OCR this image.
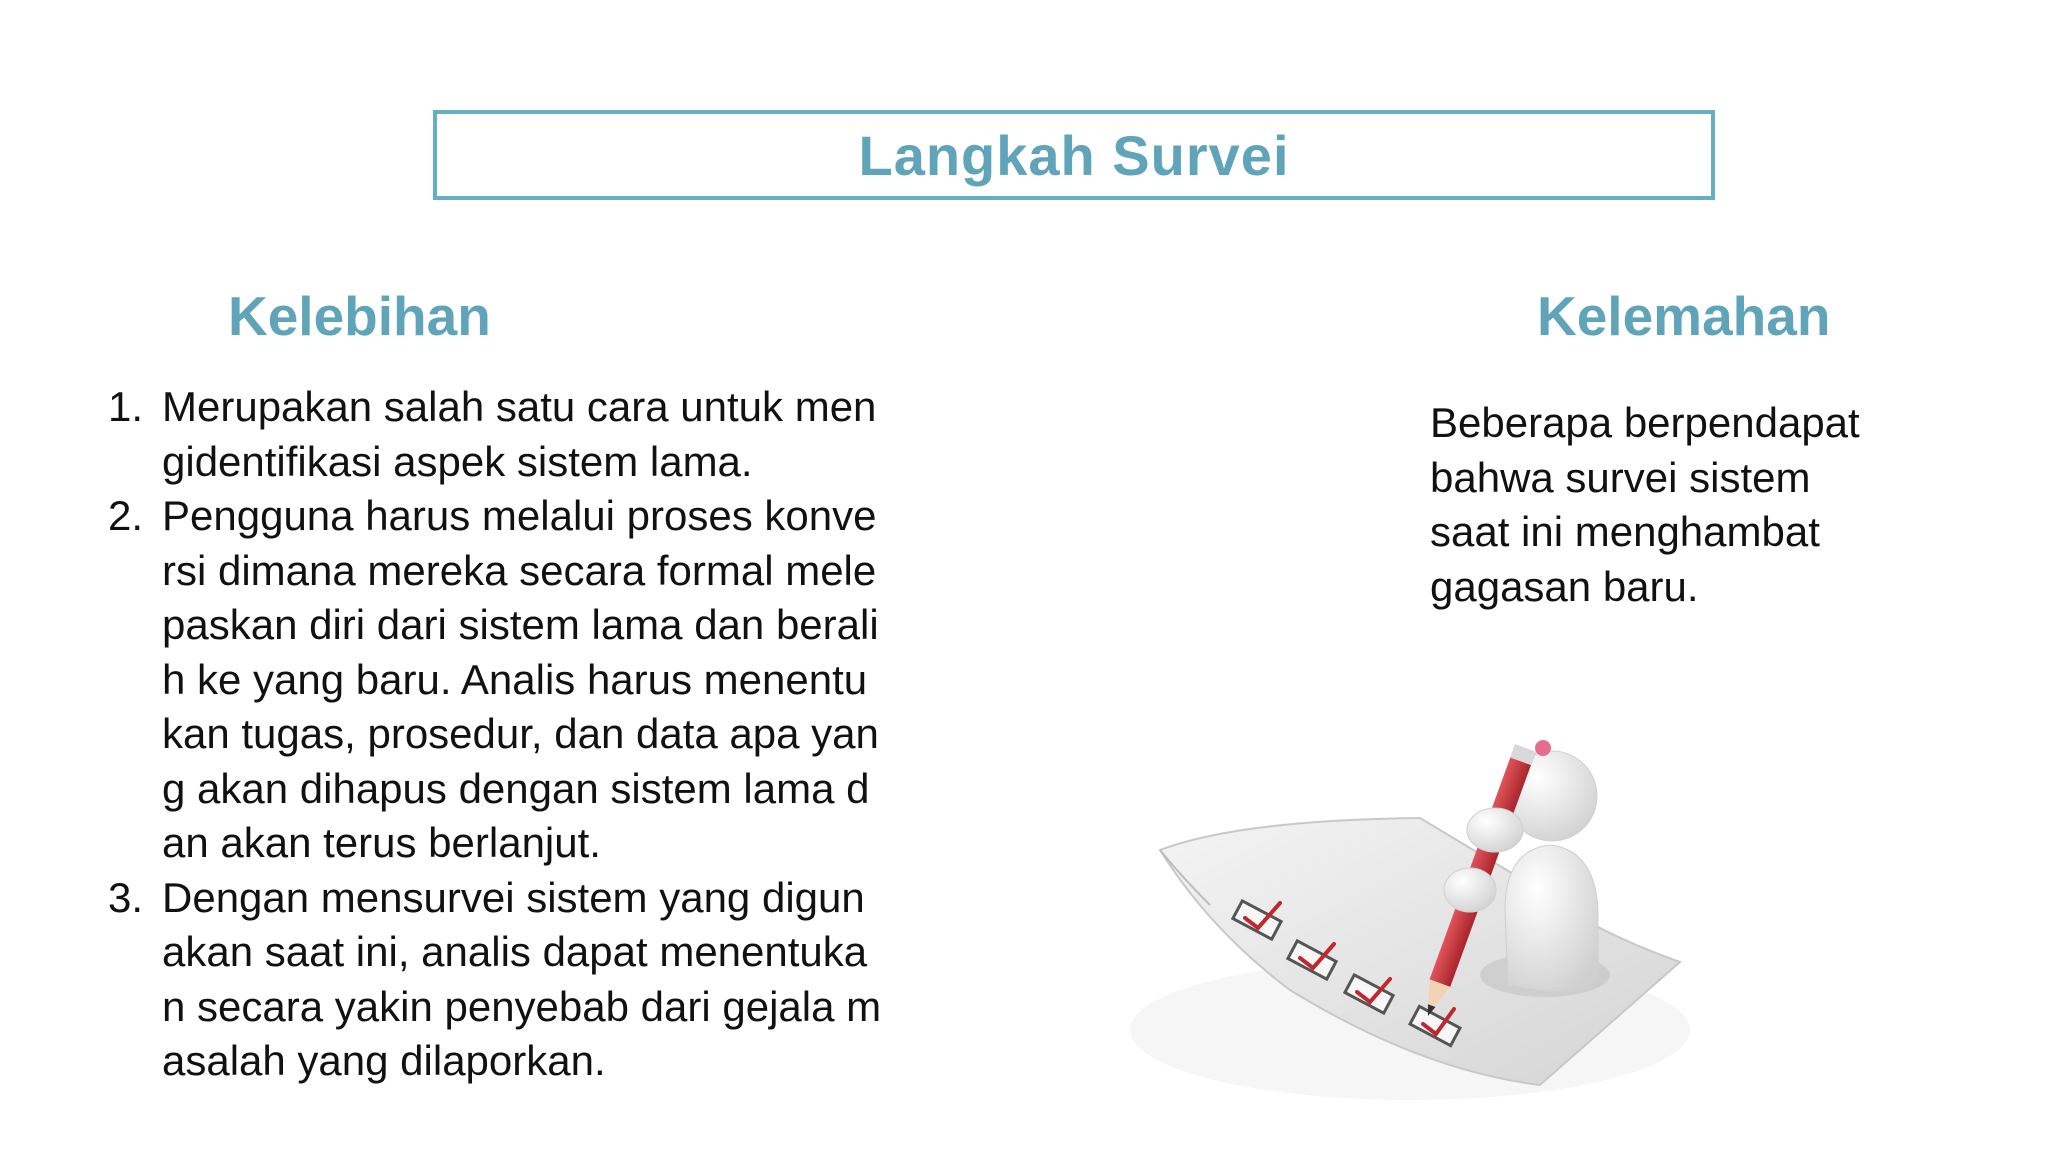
Langkah Survei
Kelebihan	Kelemahan
1. Merupakan salah satu cara untuk men
gidentifikasi aspek sistem lama.
2. Pengguna harus melalui proses konve
rsi dimana mereka secara formal mele
paskan diri dari sistem lama dan berali
h ke yang baru. Analis harus menentu
kan tugas, prosedur, dan data apa yan
g akan dihapus dengan sistem lama d
an akan terus berlanjut.
3. Dengan mensurvei sistem yang digun
akan saat ini, analis dapat menentuka
n secara yakin penyebab dari gejala m
asalah yang dilaporkan.

Beberapa berpendapat
bahwa survei sistem
saat ini menghambat
gagasan baru.
